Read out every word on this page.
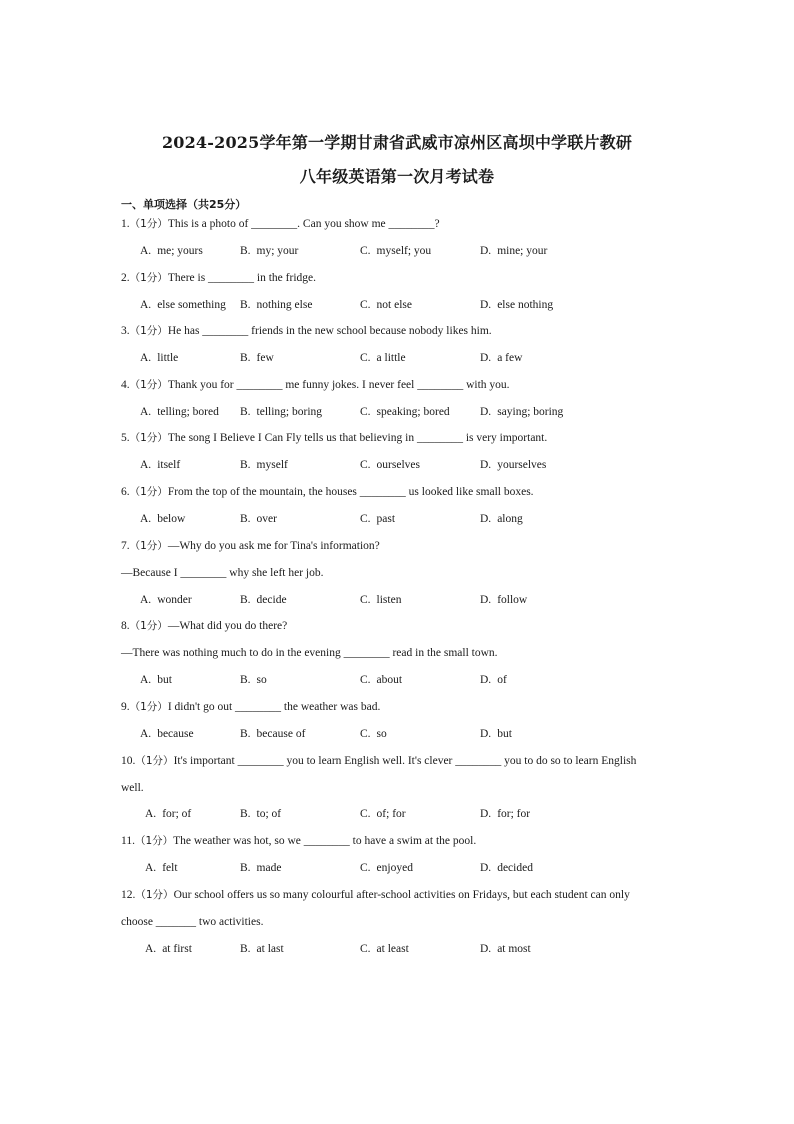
2024-2025学年第一学期甘肃省武威市凉州区高坝中学联片教研
八年级英语第一次月考试卷
一、单项选择（共25分）
1.（1分）This is a photo of ________. Can you show me ________?
A. me; yours	B. my; your	C. myself; you	D. mine; your
2.（1分）There is ________ in the fridge.
A. else something B. nothing else	C. not else	D. else nothing
3.（1分）He has ________ friends in the new school because nobody likes him.
A. little	B. few	C. a little	D. a few
4.（1分）Thank you for ________ me funny jokes. I never feel ________ with you.
A. telling; bored B. telling; boring	C. speaking; bored	D. saying; boring
5.（1分）The song I Believe I Can Fly tells us that believing in ________ is very important.
A. itself	B. myself	C. ourselves	D. yourselves
6.（1分）From the top of the mountain, the houses ________ us looked like small boxes.
A. below	B. over	C. past	D. along
7.（1分）—Why do you ask me for Tina's information?
—Because I ________ why she left her job.
A. wonder	B. decide	C. listen	D. follow
8.（1分）—What did you do there?
—There was nothing much to do in the evening ________ read in the small town.
A. but	B. so	C. about	D. of
9.（1分）I didn't go out ________ the weather was bad.
A. because	B. because of	C. so	D. but
10.（1分）It's important ________ you to learn English well. It's clever ________ you to do so to learn English
well.
A. for; of	B. to; of	C. of; for	D. for; for
11.（1分）The weather was hot, so we ________ to have a swim at the pool.
A. felt	B. made	C. enjoyed	D. decided
12.（1分）Our school offers us so many colourful after-school activities on Fridays, but each student can only
choose _______ two activities.
A. at first	B. at last	C. at least	D. at most
